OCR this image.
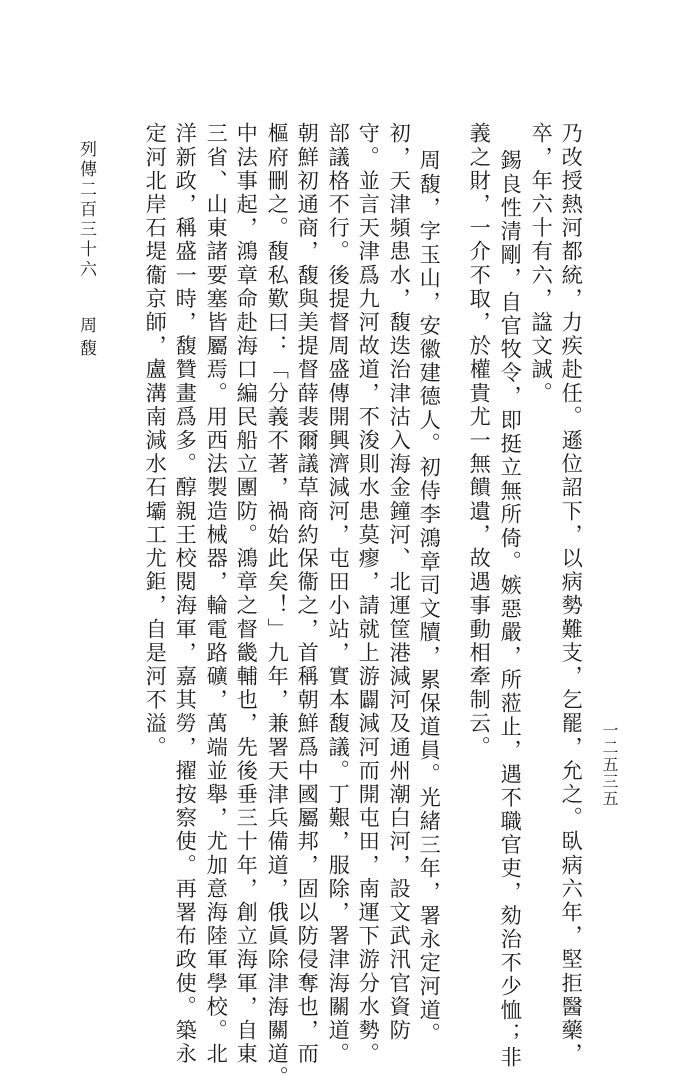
乃改授熱河都統，力疾赴任。遜位詔下，以病勢難支，乞罷，允之。臥病六年，堅拒醫藥，
卒，年六十有六，諡文誠。
錫良性清剛，自官牧令，即挺立無所倚。嫉惡嚴，所蒞止，遇不職官吏，劾治不少恤；非
義之財，一介不取，於權貴尤一無饋遺，故遇事動相牽制云。
周馥，字玉山，安徽建德人。初侍李鴻章司文牘，累保道員。光緒三年，署永定河道。
初，天津頻患水，馥迭治津沽入海金鐘河、北運筐港減河及通州潮白河，設文武汛官資防
守。並言天津爲九河故道，不浚則水患莫瘳，請就上游闢減河而開屯田，南運下游分水勢。
部議格不行。後提督周盛傳開興濟減河，屯田小站，實本馥議。丁艱，服除，署津海關道。
朝鮮初通商，馥與美提督薛裴爾議草商約保衞之，首稱朝鮮爲中國屬邦，固以防侵奪也，而
樞府刪之。馥私歎曰：「分義不著，禍始此矣！」九年，兼署天津兵備道，俄眞除津海關道。
中法事起，鴻章命赴海口編民船立團防。鴻章之督畿輔也，先後垂三十年，創立海軍，自東
三省、山東諸要塞皆屬焉。用西法製造械器，輪電路礦，萬端並舉，尤加意海陸軍學校。北
洋新政，稱盛一時，馥贊畫爲多。醇親王校閱海軍，嘉其勞，擢按察使。再署布政使。築永
定河北岸石堤衞京師，盧溝南減水石壩工尤鉅，自是河不溢。
列傳二百三十六
周馥
一二五三五
